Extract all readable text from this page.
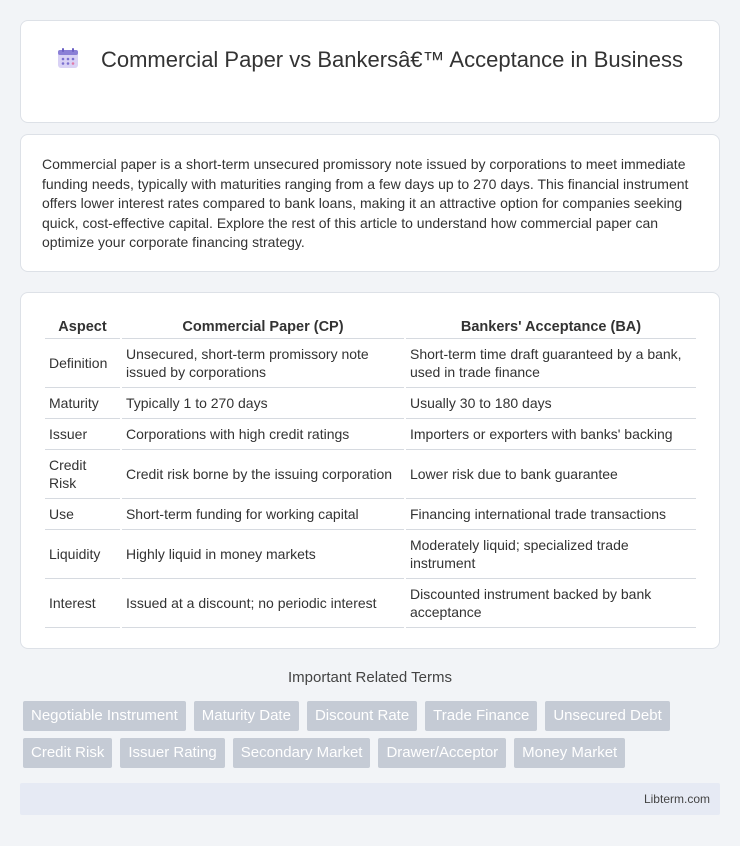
Commercial Paper vs Bankersâ€™ Acceptance in Business

Commercial paper is a short-term unsecured promissory note issued by corporations to meet immediate funding needs, typically with maturities ranging from a few days up to 270 days. This financial instrument offers lower interest rates compared to bank loans, making it an attractive option for companies seeking quick, cost-effective capital. Explore the rest of this article to understand how commercial paper can optimize your corporate financing strategy.

Aspect	Commercial Paper (CP)	Bankers' Acceptance (BA)
Definition	Unsecured, short-term promissory note issued by corporations	Short-term time draft guaranteed by a bank, used in trade finance
Maturity	Typically 1 to 270 days	Usually 30 to 180 days
Issuer	Corporations with high credit ratings	Importers or exporters with banks' backing
Credit Risk	Credit risk borne by the issuing corporation	Lower risk due to bank guarantee
Use	Short-term funding for working capital	Financing international trade transactions
Liquidity	Highly liquid in money markets	Moderately liquid; specialized trade instrument
Interest	Issued at a discount; no periodic interest	Discounted instrument backed by bank acceptance
Important Related Terms
Negotiable Instrument	Maturity Date	Discount Rate	Trade Finance	Unsecured Debt
Credit Risk	Issuer Rating	Secondary Market	Drawer/Acceptor	Money Market
Libterm.com
